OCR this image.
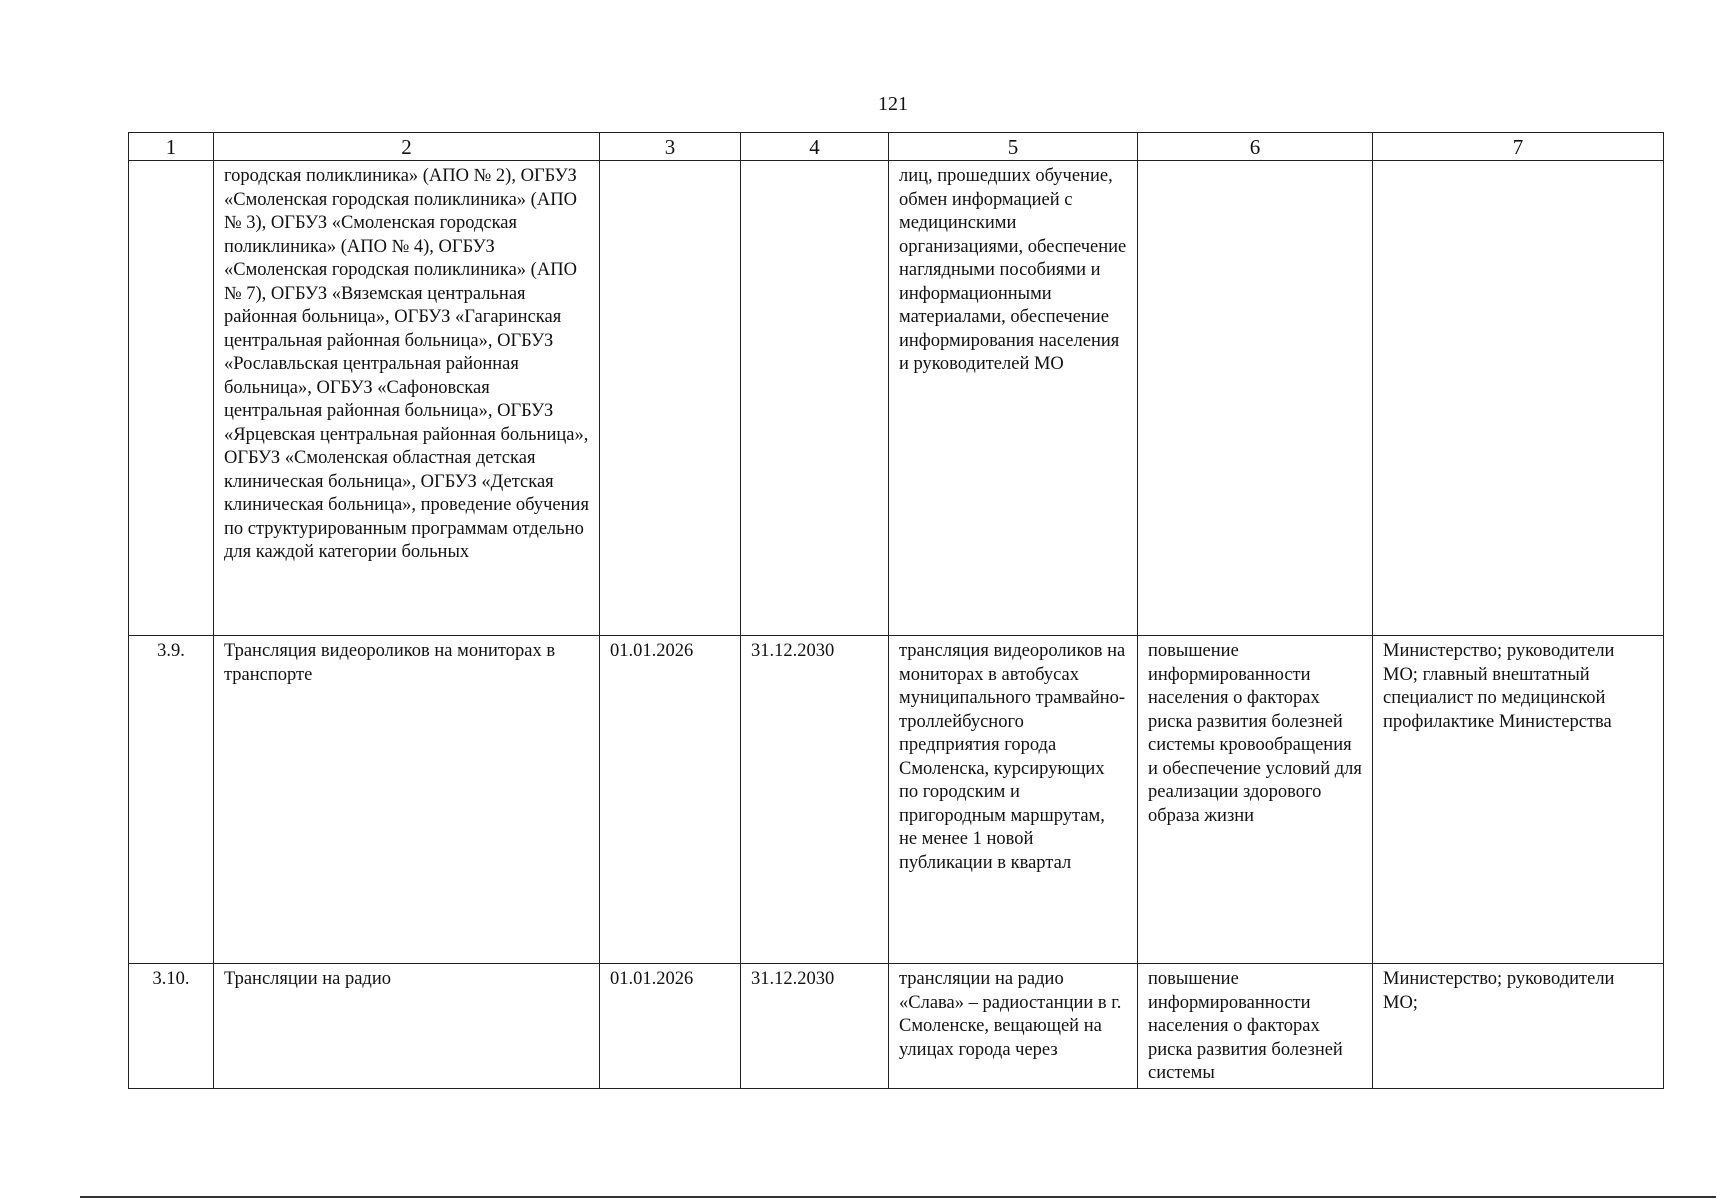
121
1	2	3	4	5	6	7
	городская поликлиника» (АПО № 2), ОГБУЗ «Смоленская городская поликлиника» (АПО № 3), ОГБУЗ «Смоленская городская поликлиника» (АПО № 4), ОГБУЗ «Смоленская городская поликлиника» (АПО № 7), ОГБУЗ «Вяземская центральная районная больница», ОГБУЗ «Гагаринская центральная районная больница», ОГБУЗ «Рославльская центральная районная больница», ОГБУЗ «Сафоновская центральная районная больница», ОГБУЗ «Ярцевская центральная районная больница», ОГБУЗ «Смоленская областная детская клиническая больница», ОГБУЗ «Детская клиническая больница», проведение обучения по структурированным программам отдельно для каждой категории больных			лиц, прошедших обучение, обмен информацией с медицинскими организациями, обеспечение наглядными пособиями и информационными материалами, обеспечение информирования населения и руководителей МО		
3.9.	Трансляция видеороликов на мониторах в транспорте	01.01.2026	31.12.2030	трансляция видеороликов на мониторах в автобусах муниципального трамвайно-троллейбусного предприятия города Смоленска, курсирующих по городским и пригородным маршрутам, не менее 1 новой публикации в квартал	повышение информированности населения о факторах риска развития болезней системы кровообращения и обеспечение условий для реализации здорового образа жизни	Министерство; руководители МО; главный внештатный специалист по медицинской профилактике Министерства
3.10.	Трансляции на радио	01.01.2026	31.12.2030	трансляции на радио «Слава» – радиостанции в г. Смоленске, вещающей на улицах города через	повышение информированности населения о факторах риска развития болезней системы	Министерство; руководители МО;
